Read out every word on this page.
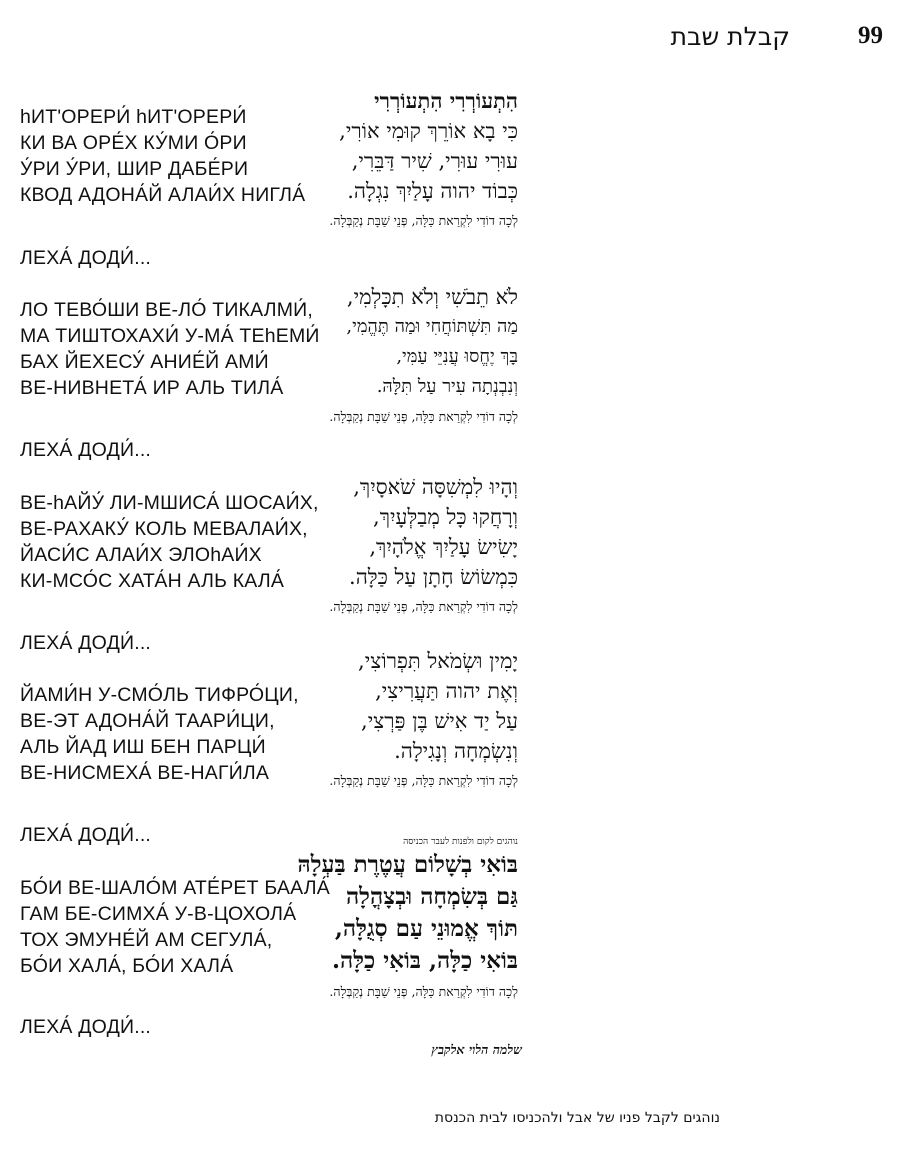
99
קבלת שבת
hИТ'ОРЕРИ́ hИТ'ОРЕРИ́
КИ ВА ОРЕ́Х КУ́МИ О́РИ
У́РИ У́РИ, ШИР ДАБЕ́РИ
КВОД АДОНА́Й АЛАИ́Х НИГЛА́
ЛЕХА́ ДОДИ́...
הִתְעוֹרְרִי הִתְעוֹרְרִי
כִּי בָא אוֹרֵךְ קוּמִי אוֹרִי,
עוּרִי עוּרִי, שִׁיר דַּבֵּרִי,
כְּבוֹד יהוה עָלַיִךְ נִגְלָה.
לְכָה דוֹדִי לִקְרַאת כַּלָּה, פְּנֵי שַׁבָּת נְקַבְּלָה.
ЛО ТЕВО́ШИ ВЕ-ЛО́ ТИКАЛМИ́,
МА ТИШТОХАХИ́ У-МА́ ТЕhЕМИ́
БАХ ЙЕХЕСУ́ АНИЕ́Й АМИ́
ВЕ-НИВНЕТА́ ИР АЛЬ ТИЛА́
ЛЕХА́ ДОДИ́...
לֹא תֵבֹשִׁי וְלֹא תִכָּלְמִי,
מַה תִּשְׁתּוֹחֲחִי וּמַה תֶּהֱמִי,
בָּךְ יֶחֱסוּ עֲנִיֵּי עַמִּי,
וְנִבְנְתָה עִיר עַל תִּלָּהּ.
לְכָה דוֹדִי לִקְרַאת כַּלָּה, פְּנֵי שַׁבָּת נְקַבְּלָה.
ВЕ-hАЙУ́ ЛИ-МШИСА́ ШОСАИ́Х,
ВЕ-РАХАКУ́ КОЛЬ МЕВАЛАИ́Х,
ЙАСИ́С АЛАИ́Х ЭЛОhАИ́Х
КИ-МСО́С ХАТА́Н АЛЬ КАЛА́
ЛЕХА́ ДОДИ́...
וְהָיוּ לִמְשִׁסָּה שֹׁאסָיִךְ,
וְרָחֲקוּ כָּל מְבַלְּעָיִךְ,
יָשִׂישׂ עָלַיִךְ אֱלֹהָיִךְ,
כִּמְשׂוֹשׂ חָתָן עַל כַּלָּה.
לְכָה דוֹדִי לִקְרַאת כַּלָּה, פְּנֵי שַׁבָּת נְקַבְּלָה.
ЙАМИ́Н У-СМО́ЛЬ ТИФРО́ЦИ,
ВЕ-ЭТ АДОНА́Й ТААРИ́ЦИ,
АЛЬ ЙАД ИШ БЕН ПАРЦИ́
ВЕ-НИСМЕХА́ ВЕ-НАГИ́ЛА
ЛЕХА́ ДОДИ́...
יָמִין וּשְׂמֹאל תִּפְרוֹצִי,
וְאֶת יהוה תַּעֲרִיצִי,
עַל יַד אִישׁ בֶּן פַּרְצִי,
וְנִשְׂמְחָה וְנָגִילָה.
לְכָה דוֹדִי לִקְרַאת כַּלָּה, פְּנֵי שַׁבָּת נְקַבְּלָה.
БО́И ВЕ-ШАЛО́М АТЕ́РЕТ БААЛА́
ГАМ БЕ-СИМХА́ У-В-ЦОХОЛА́
ТОХ ЭМУНЕ́Й АМ СЕГУЛА́,
БО́И ХАЛА́, БО́И ХАЛА́
ЛЕХА́ ДОДИ́...
נוהגים לקום ולפנות לעבר הכניסה
בּוֹאִי בְשָׁלוֹם עֲטֶרֶת בַּעְלָהּ
גַּם בְּשִׂמְחָה וּבְצָהֳלָה
תּוֹךְ אֱמוּנֵי עַם סְגֻלָּה,
בּוֹאִי כַלָּה, בּוֹאִי כַלָּה.
לְכָה דוֹדִי לִקְרַאת כַּלָּה, פְּנֵי שַׁבָּת נְקַבְּלָה.
שלמה הלוי אלקבץ
נוהגים לקבל פניו של אבל ולהכניסו לבית הכנסת
